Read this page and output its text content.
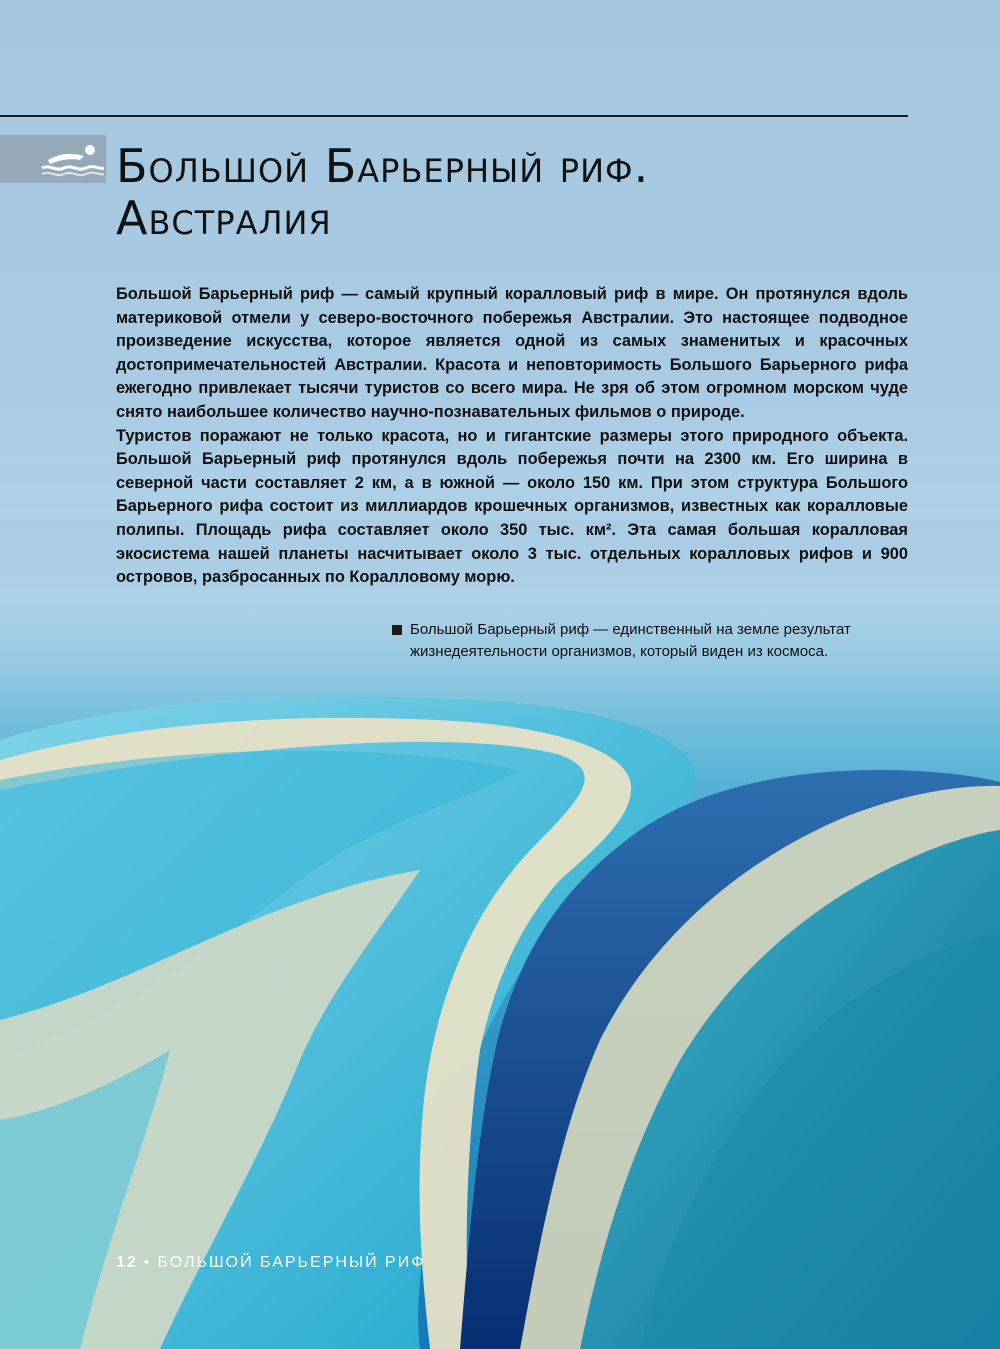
Большой Барьерный риф.
Австралия

Большой Барьерный риф — самый крупный коралловый риф в мире. Он протянулся вдоль материковой отмели у северо-восточного побережья Австралии. Это настоящее подводное произведение искусства, которое является одной из самых знаменитых и красочных достопримечательностей Австралии. Красота и неповторимость Большого Барьерного рифа ежегодно привлекает тысячи туристов со всего мира. Не зря об этом огромном морском чуде снято наибольшее количество научно-познавательных фильмов о природе.

Туристов поражают не только красота, но и гигантские размеры этого природного объекта. Большой Барьерный риф протянулся вдоль побережья почти на 2300 км. Его ширина в северной части составляет 2 км, а в южной — около 150 км. При этом структура Большого Барьерного рифа состоит из миллиардов крошечных организмов, известных как коралловые полипы. Площадь рифа составляет около 350 тыс. км². Эта самая большая коралловая экосистема нашей планеты насчитывает около 3 тыс. отдельных коралловых рифов и 900 островов, разбросанных по Коралловому морю.

Большой Барьерный риф — единственный на земле результат жизнедеятельности организмов, который виден из космоса.

12 • БОЛЬШОЙ БАРЬЕРНЫЙ РИФ
